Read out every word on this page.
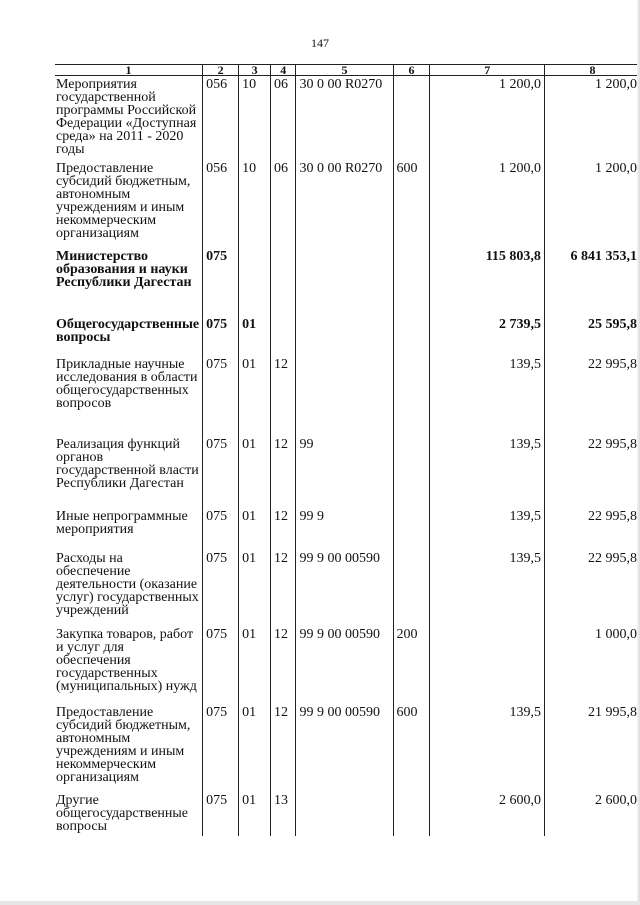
147
1	2	3	4	5	6	7	8
Мероприятия государственной программы Российской Федерации «Доступная среда» на 2011 - 2020 годы	056	10	06	30 0 00 R0270		1 200,0	1 200,0
Предоставление субсидий бюджетным, автономным учреждениям и иным некоммерческим организациям	056	10	06	30 0 00 R0270	600	1 200,0	1 200,0
Министерство образования и науки Республики Дагестан	075					115 803,8	6 841 353,1
Общегосударственные вопросы	075	01				2 739,5	25 595,8
Прикладные научные исследования в области общегосударственных вопросов	075	01	12			139,5	22 995,8
Реализация функций органов государственной власти Республики Дагестан	075	01	12	99		139,5	22 995,8
Иные непрограммные мероприятия	075	01	12	99 9		139,5	22 995,8
Расходы на обеспечение деятельности (оказание услуг) государственных учреждений	075	01	12	99 9 00 00590		139,5	22 995,8
Закупка товаров, работ и услуг для обеспечения государственных (муниципальных) нужд	075	01	12	99 9 00 00590	200		1 000,0
Предоставление субсидий бюджетным, автономным учреждениям и иным некоммерческим организациям	075	01	12	99 9 00 00590	600	139,5	21 995,8
Другие общегосударственные вопросы	075	01	13			2 600,0	2 600,0
